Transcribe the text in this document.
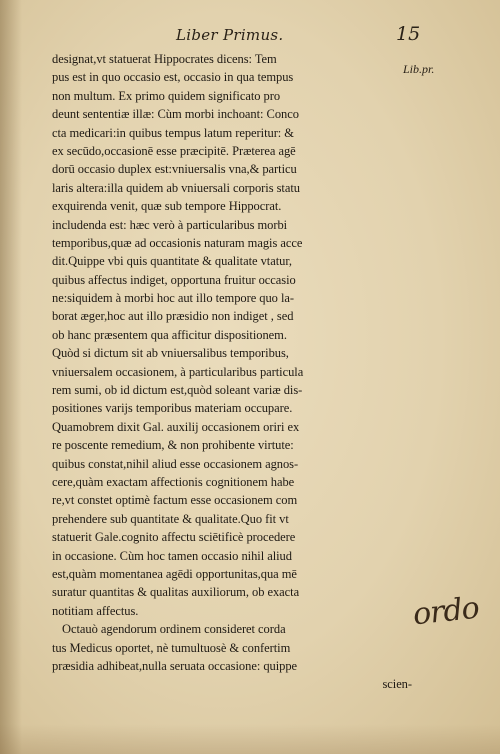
Liber Primus.	15
Lib.pr.
designat,vt statuerat Hippocrates dicens: Tem
pus est in quo occasio est, occasio in qua tempus
non multum. Ex primo quidem significato pro
deunt sententiæ illæ: Cùm morbi inchoant: Conco
cta medicari:in quibus tempus latum reperitur: &
ex secūdo,occasionē esse præcipitē. Præterea agē
dorū occasio duplex est:vniuersalis vna,& particu
laris altera:illa quidem ab vniuersali corporis statu
exquirenda venit, quæ sub tempore Hippocrat.
includenda est: hæc verò à particularibus morbi
temporibus,quæ ad occasionis naturam magis acce
dit.Quippe vbi quis quantitate & qualitate vtatur,
quibus affectus indiget, opportuna fruitur occasio
ne:siquidem à morbi hoc aut illo tempore quo la-
borat æger,hoc aut illo præsidio non indiget , sed
ob hanc præsentem qua afficitur dispositionem.
Quòd si dictum sit ab vniuersalibus temporibus,
vniuersalem occasionem, à particularibus particula
rem sumi, ob id dictum est,quòd soleant variæ dis-
positiones varijs temporibus materiam occupare.
Quamobrem dixit Gal. auxilij occasionem oriri ex
re poscente remedium, & non prohibente virtute:
quibus constat,nihil aliud esse occasionem agnos-
cere,quàm exactam affectionis cognitionem habe
re,vt constet optimè factum esse occasionem com
prehendere sub quantitate & qualitate.Quo fit vt
statuerit Gale.cognito affectu sciētificè procedere
in occasione. Cùm hoc tamen occasio nihil aliud
est,quàm momentanea agēdi opportunitas,qua mē
suratur quantitas & qualitas auxiliorum, ob exacta
notitiam affectus.
Octauò agendorum ordinem consideret corda
tus Medicus oportet, nè tumultuosè & confertim
præsidia adhibeat,nulla seruata occasione: quippe
scien-
ordo
